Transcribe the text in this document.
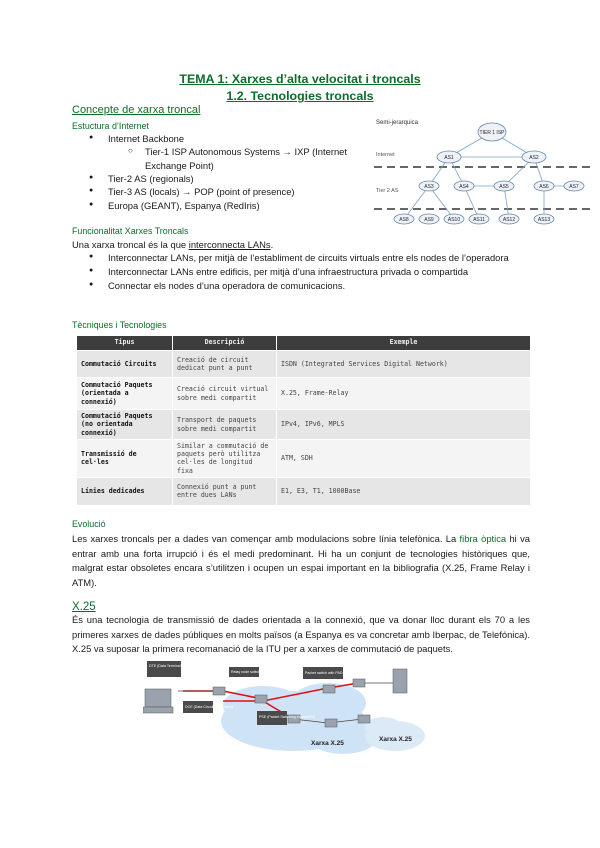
TEMA 1: Xarxes d’alta velocitat i troncals
1.2. Tecnologies troncals
Concepte de xarxa troncal
Estuctura d’Internet
● Internet Backbone
○ Tier-1 ISP Autonomous Systems → IXP (Internet Exchange Point)
● Tier-2 AS (regionals)
● Tier-3 AS (locals) → POP (point of presence)
● Europa (GEANT), Espanya (RedIris)
Semi-jerarquica
Internet
Tier 2 AS
TIER 1 ISP
AS1	AS2
AS3	AS4	AS5	AS6	AS7
AS8	AS9	AS10	AS11	AS12	AS13
Funcionalitat Xarxes Troncals
Una xarxa troncal és la que interconnecta LANs.
● Interconnectar LANs, per mitjà de l’establiment de circuits virtuals entre els nodes de l’operadora
● Interconnectar LANs entre edificis, per mitjà d’una infraestructura privada o compartida
● Connectar els nodes d’una operadora de comunicacions.
Tècniques i Tecnologies
Tipus	Descripció	Exemple
Commutació Circuits	Creació de circuit dedicat punt a punt	ISDN (Integrated Services Digital Network)
Commutació Paquets (orientada a connexió)	Creació circuit virtual sobre medi compartit	X.25, Frame-Relay
Commutació Paquets (no orientada connexió)	Transport de paquets sobre medi compartit	IPv4, IPv6, MPLS
Transmissió de cel·les	Similar a commutació de paquets però utilitza cel·les de longitud fixa	ATM, SDH
Línies dedicades	Connexió punt a punt entre dues LANs	E1, E3, T1, 1000Base
Evolució
Les xarxes troncals per a dades van començar amb modulacions sobre línia telefònica. La fibra òptica hi va entrar amb una forta irrupció i és el medi predominant. Hi ha un conjunt de tecnologies històriques que, malgrat estar obsoletes encara s’utilitzen i ocupen un espai important en la bibliografia (X.25, Frame Relay i ATM).
X.25
És una tecnologia de transmissió de dades orientada a la connexió, que va donar lloc durant els 70 a les primeres xarxes de dades públiques en molts països (a Espanya es va concretar amb Iberpac, de Telefónica). X.25 va suposar la primera recomanació de la ITU per a xarxes de commutació de paquets.
Xarxa X.25
Xarxa X.25
DTE (Data Terminal Equipment)
Relay node switch	Packet switch with PAD
DCE (Data Circuit Equipment)
PSE (Packet Switching Equipment)
